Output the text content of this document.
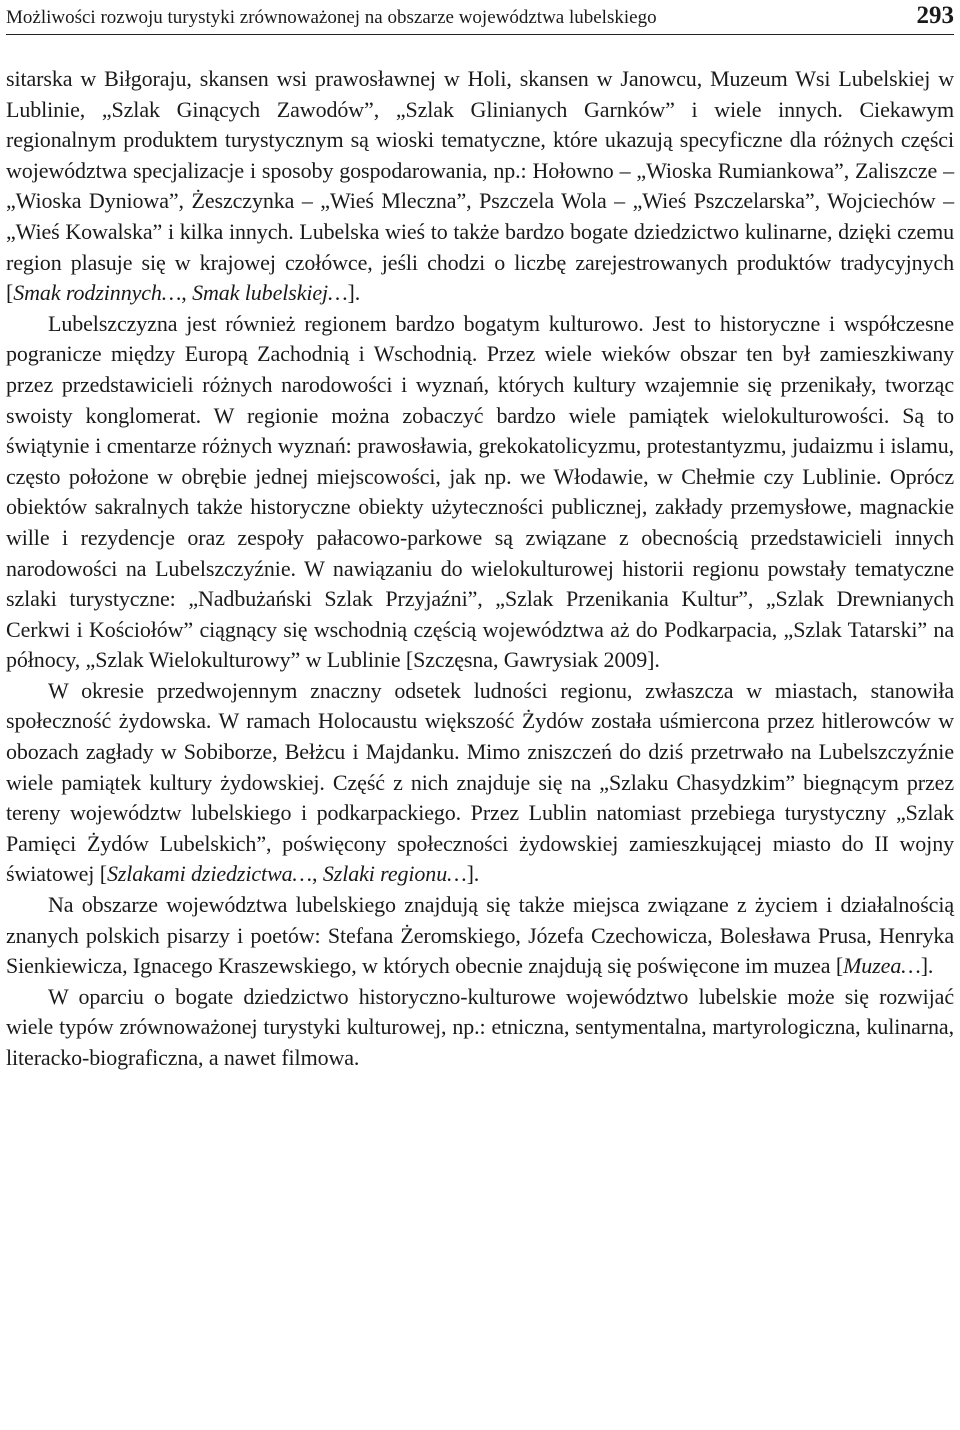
Możliwości rozwoju turystyki zrównoważonej na obszarze województwa lubelskiego	293

sitarska w Biłgoraju, skansen wsi prawosławnej w Holi, skansen w Janowcu, Muzeum Wsi Lubelskiej w Lublinie, „Szlak Ginących Zawodów”, „Szlak Glinianych Garnków” i wiele innych. Ciekawym regionalnym produktem turystycznym są wioski tematyczne, które ukazują specyficzne dla różnych części województwa specjalizacje i sposoby gospodarowania, np.: Hołowno – „Wioska Rumiankowa”, Zaliszcze – „Wioska Dyniowa”, Żeszczynka – „Wieś Mleczna”, Pszczela Wola – „Wieś Pszczelarska”, Wojciechów – „Wieś Kowalska” i kilka innych. Lubelska wieś to także bardzo bogate dziedzictwo kulinarne, dzięki czemu region plasuje się w krajowej czołówce, jeśli chodzi o liczbę zarejestrowanych produktów tradycyjnych [Smak rodzinnych…, Smak lubelskiej…].

Lubelszczyzna jest również regionem bardzo bogatym kulturowo. Jest to historyczne i współczesne pogranicze między Europą Zachodnią i Wschodnią. Przez wiele wieków obszar ten był zamieszkiwany przez przedstawicieli różnych narodowości i wyznań, których kultury wzajemnie się przenikały, tworząc swoisty konglomerat. W regionie można zobaczyć bardzo wiele pamiątek wielokulturowości. Są to świątynie i cmentarze różnych wyznań: prawosławia, grekokatolicyzmu, protestantyzmu, judaizmu i islamu, często położone w obrębie jednej miejscowości, jak np. we Włodawie, w Chełmie czy Lublinie. Oprócz obiektów sakralnych także historyczne obiekty użyteczności publicznej, zakłady przemysłowe, magnackie wille i rezydencje oraz zespoły pałacowo-parkowe są związane z obecnością przedstawicieli innych narodowości na Lubelszczyźnie. W nawiązaniu do wielokulturowej historii regionu powstały tematyczne szlaki turystyczne: „Nadbużański Szlak Przyjaźni”, „Szlak Przenikania Kultur”, „Szlak Drewnianych Cerkwi i Kościołów” ciągnący się wschodnią częścią województwa aż do Podkarpacia, „Szlak Tatarski” na północy, „Szlak Wielokulturowy” w Lublinie [Szczęsna, Gawrysiak 2009].

W okresie przedwojennym znaczny odsetek ludności regionu, zwłaszcza w miastach, stanowiła społeczność żydowska. W ramach Holocaustu większość Żydów została uśmiercona przez hitlerowców w obozach zagłady w Sobiborze, Bełżcu i Majdanku. Mimo zniszczeń do dziś przetrwało na Lubelszczyźnie wiele pamiątek kultury żydowskiej. Część z nich znajduje się na „Szlaku Chasydzkim” biegnącym przez tereny województw lubelskiego i podkarpackiego. Przez Lublin natomiast przebiega turystyczny „Szlak Pamięci Żydów Lubelskich”, poświęcony społeczności żydowskiej zamieszkującej miasto do II wojny światowej [Szlakami dziedzictwa…, Szlaki regionu…].

Na obszarze województwa lubelskiego znajdują się także miejsca związane z życiem i działalnością znanych polskich pisarzy i poetów: Stefana Żeromskiego, Józefa Czechowicza, Bolesława Prusa, Henryka Sienkiewicza, Ignacego Kraszewskiego, w których obecnie znajdują się poświęcone im muzea [Muzea…].

W oparciu o bogate dziedzictwo historyczno-kulturowe województwo lubelskie może się rozwijać wiele typów zrównoważonej turystyki kulturowej, np.: etniczna, sentymentalna, martyrologiczna, kulinarna, literacko-biograficzna, a nawet filmowa.
